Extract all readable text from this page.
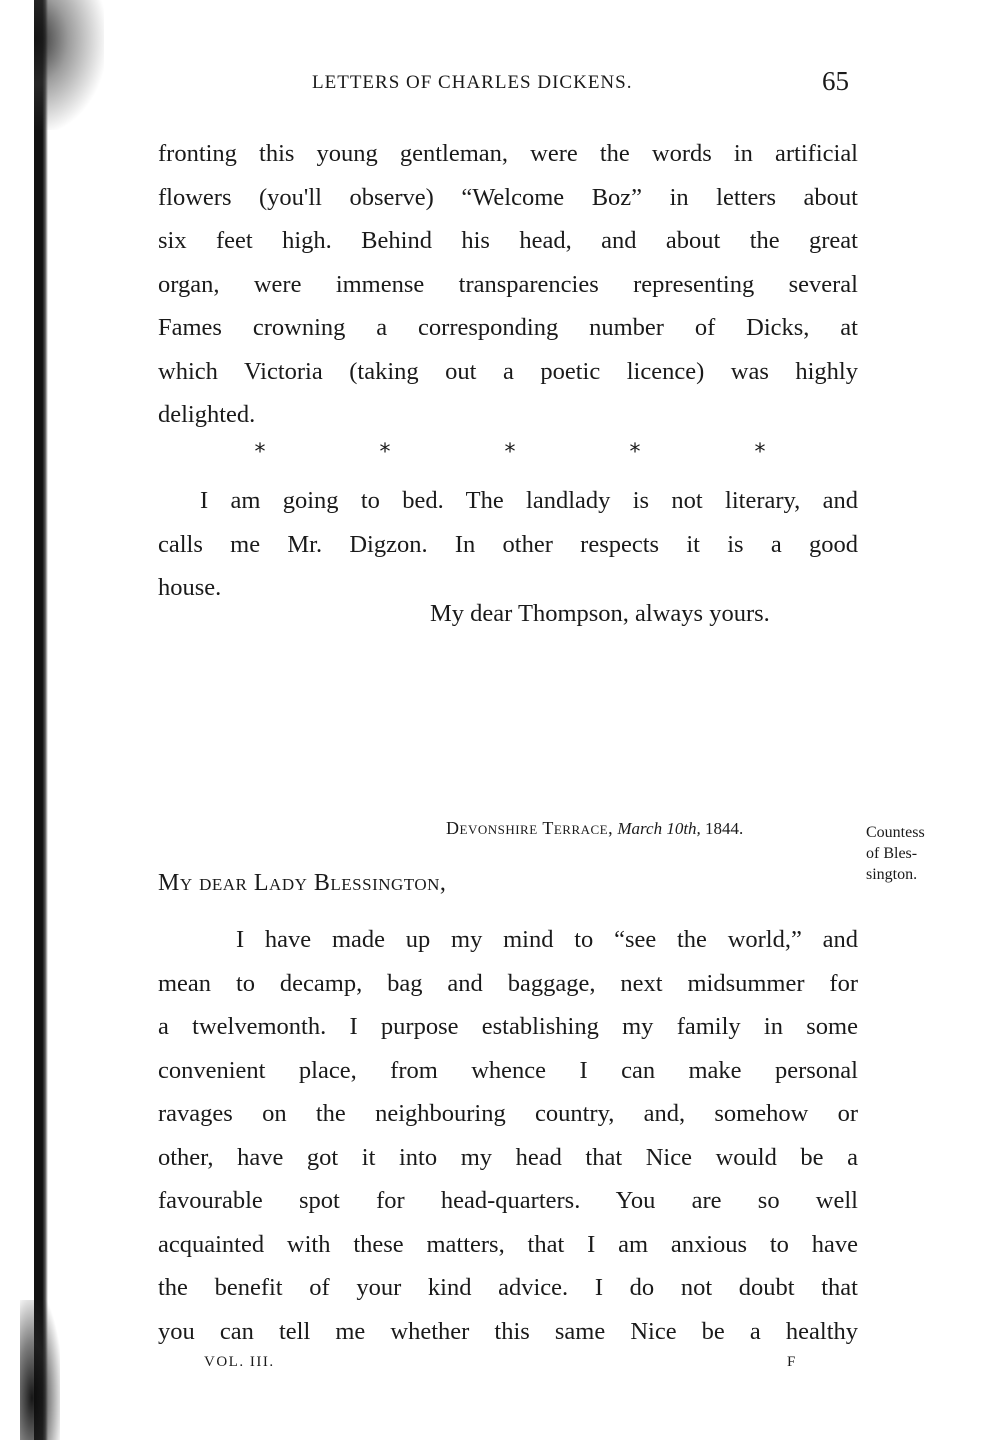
LETTERS OF CHARLES DICKENS.	65
fronting this young gentleman, were the words in artificial
flowers (you'll observe) “Welcome Boz” in letters about
six feet high. Behind his head, and about the great
organ, were immense transparencies representing several
Fames crowning a corresponding number of Dicks, at
which Victoria (taking out a poetic licence) was highly
delighted.
*	*	*	*	*
I am going to bed. The landlady is not literary, and
calls me Mr. Digzon. In other respects it is a good
house.
My dear Thompson, always yours.
Devonshire Terrace, March 10th, 1844.	Countess
of Bles-
sington.
My dear Lady Blessington,
I have made up my mind to “see the world,” and
mean to decamp, bag and baggage, next midsummer for
a twelvemonth. I purpose establishing my family in some
convenient place, from whence I can make personal
ravages on the neighbouring country, and, somehow or
other, have got it into my head that Nice would be a
favourable spot for head-quarters. You are so well
acquainted with these matters, that I am anxious to have
the benefit of your kind advice. I do not doubt that
you can tell me whether this same Nice be a healthy
VOL. III.	F
